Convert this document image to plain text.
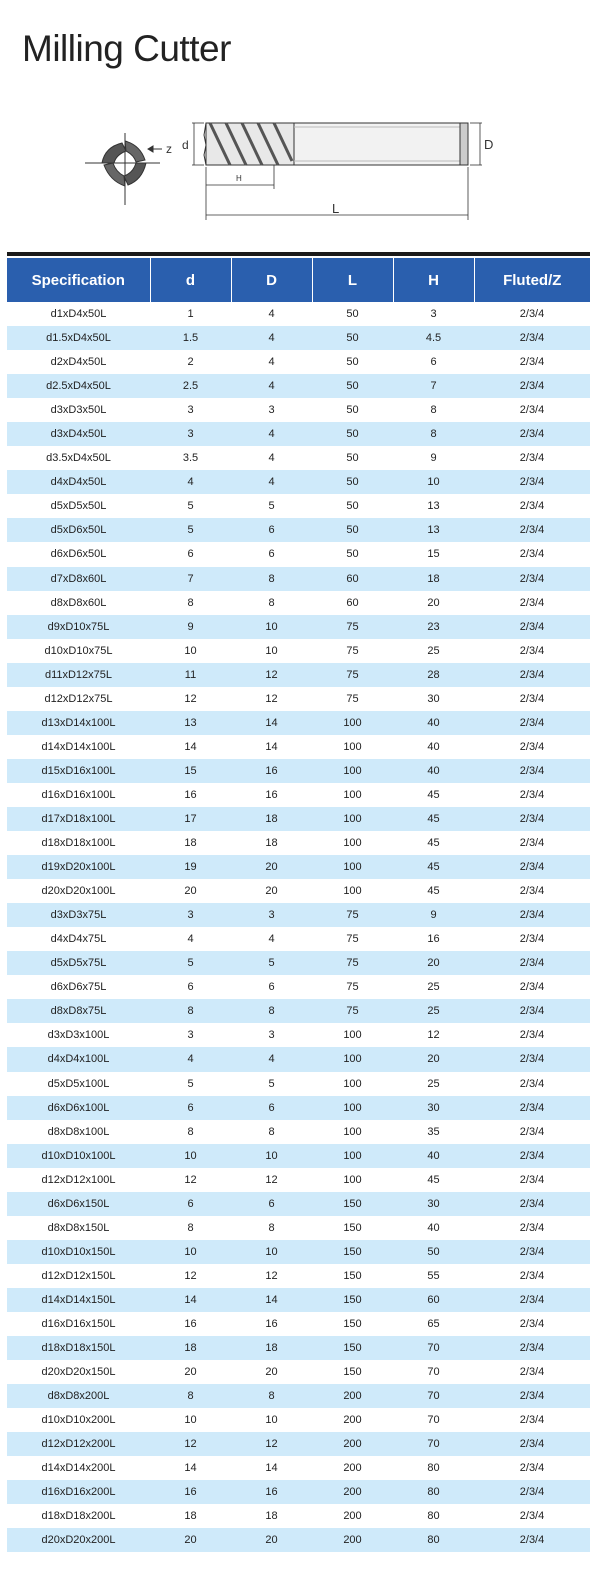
Milling Cutter
z d	D
H
L
Specification	d	D	L	H	Fluted/Z
d1xD4x50L	1	4	50	3	2/3/4
d1.5xD4x50L	1.5	4	50	4.5	2/3/4
d2xD4x50L	2	4	50	6	2/3/4
d2.5xD4x50L	2.5	4	50	7	2/3/4
d3xD3x50L	3	3	50	8	2/3/4
d3xD4x50L	3	4	50	8	2/3/4
d3.5xD4x50L	3.5	4	50	9	2/3/4
d4xD4x50L	4	4	50	10	2/3/4
d5xD5x50L	5	5	50	13	2/3/4
d5xD6x50L	5	6	50	13	2/3/4
d6xD6x50L	6	6	50	15	2/3/4
d7xD8x60L	7	8	60	18	2/3/4
d8xD8x60L	8	8	60	20	2/3/4
d9xD10x75L	9	10	75	23	2/3/4
d10xD10x75L	10	10	75	25	2/3/4
d11xD12x75L	11	12	75	28	2/3/4
d12xD12x75L	12	12	75	30	2/3/4
d13xD14x100L	13	14	100	40	2/3/4
d14xD14x100L	14	14	100	40	2/3/4
d15xD16x100L	15	16	100	40	2/3/4
d16xD16x100L	16	16	100	45	2/3/4
d17xD18x100L	17	18	100	45	2/3/4
d18xD18x100L	18	18	100	45	2/3/4
d19xD20x100L	19	20	100	45	2/3/4
d20xD20x100L	20	20	100	45	2/3/4
d3xD3x75L	3	3	75	9	2/3/4
d4xD4x75L	4	4	75	16	2/3/4
d5xD5x75L	5	5	75	20	2/3/4
d6xD6x75L	6	6	75	25	2/3/4
d8xD8x75L	8	8	75	25	2/3/4
d3xD3x100L	3	3	100	12	2/3/4
d4xD4x100L	4	4	100	20	2/3/4
d5xD5x100L	5	5	100	25	2/3/4
d6xD6x100L	6	6	100	30	2/3/4
d8xD8x100L	8	8	100	35	2/3/4
d10xD10x100L	10	10	100	40	2/3/4
d12xD12x100L	12	12	100	45	2/3/4
d6xD6x150L	6	6	150	30	2/3/4
d8xD8x150L	8	8	150	40	2/3/4
d10xD10x150L	10	10	150	50	2/3/4
d12xD12x150L	12	12	150	55	2/3/4
d14xD14x150L	14	14	150	60	2/3/4
d16xD16x150L	16	16	150	65	2/3/4
d18xD18x150L	18	18	150	70	2/3/4
d20xD20x150L	20	20	150	70	2/3/4
d8xD8x200L	8	8	200	70	2/3/4
d10xD10x200L	10	10	200	70	2/3/4
d12xD12x200L	12	12	200	70	2/3/4
d14xD14x200L	14	14	200	80	2/3/4
d16xD16x200L	16	16	200	80	2/3/4
d18xD18x200L	18	18	200	80	2/3/4
d20xD20x200L	20	20	200	80	2/3/4
